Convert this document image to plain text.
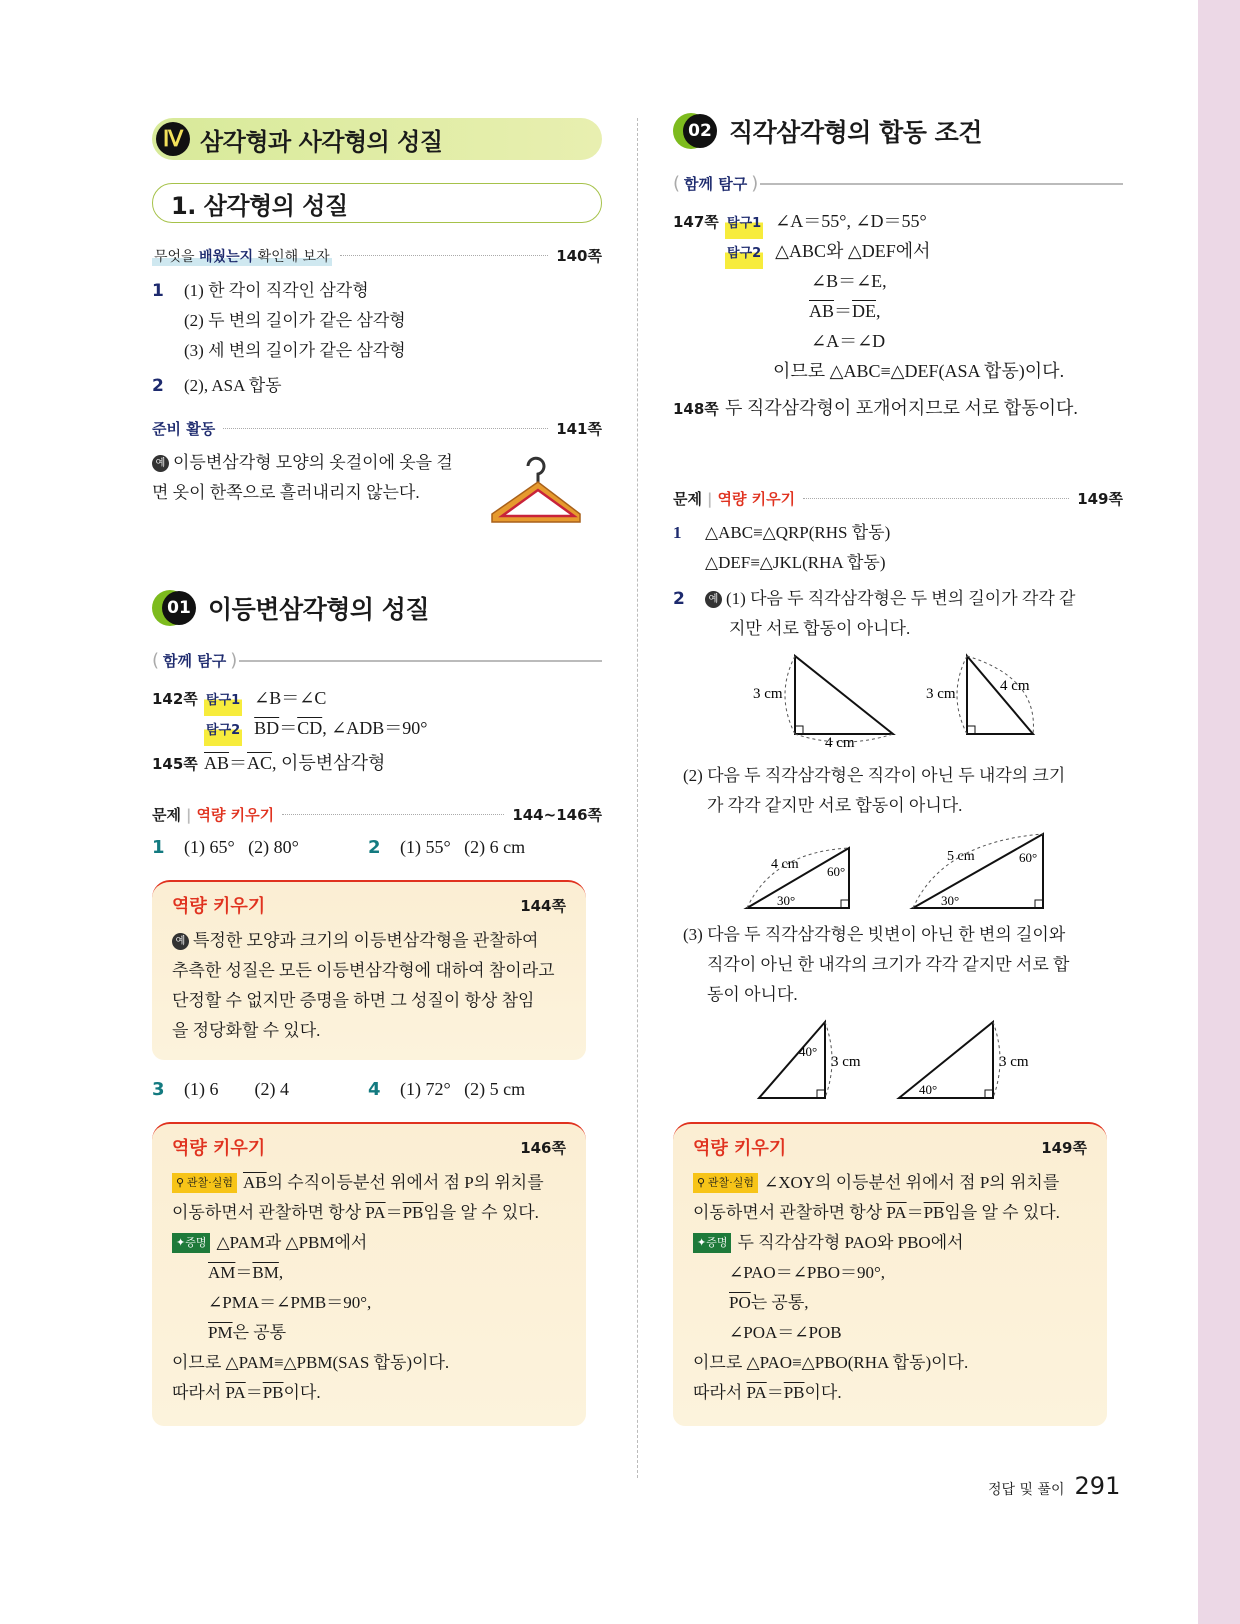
Ⅳ 삼각형과 사각형의 성질
1. 삼각형의 성질
무엇을 배웠는지 확인해 보자	140쪽
1 (1) 한 각이 직각인 삼각형
(2) 두 변의 길이가 같은 삼각형
(3) 세 변의 길이가 같은 삼각형
2 (2), ASA 합동
준비 활동	141쪽
예 이등변삼각형 모양의 옷걸이에 옷을 걸
면 옷이 한쪽으로 흘러내리지 않는다.
01 이등변삼각형의 성질
( 함께 탐구 )
142쪽 탐구1 ∠B＝∠C
탐구2 $\overline{BD}=\overline{CD}$, ∠ADB＝90°
145쪽 $\overline{AB}=\overline{AC}$, 이등변삼각형
문제 | 역량 키우기	144~146쪽
1 (1) 65°   (2) 80°	2 (1) 55°   (2) 6 cm
역량 키우기	144쪽
예 특정한 모양과 크기의 이등변삼각형을 관찰하여
추측한 성질은 모든 이등변삼각형에 대하여 참이라고
단정할 수 없지만 증명을 하면 그 성질이 항상 참임
을 정당화할 수 있다.
3 (1) 6        (2) 4	4 (1) 72°   (2) 5 cm
역량 키우기	146쪽
⚲ 관찰·실험 $\overline{AB}$의 수직이등분선 위에서 점 P의 위치를
이동하면서 관찰하면 항상 $\overline{PA}=\overline{PB}$임을 알 수 있다.
✦증명 △PAM과 △PBM에서
$\overline{AM}=\overline{BM}$,
∠PMA＝∠PMB＝90°,
$\overline{PM}$은 공통
이므로 △PAM≡△PBM(SAS 합동)이다.
따라서 $\overline{PA}=\overline{PB}$이다.
02 직각삼각형의 합동 조건
( 함께 탐구 )
147쪽 탐구1 ∠A＝55°, ∠D＝55°
탐구2 △ABC와 △DEF에서
∠B＝∠E,
$\overline{AB}=\overline{DE}$,
∠A＝∠D
이므로 △ABC≡△DEF(ASA 합동)이다.
148쪽 두 직각삼각형이 포개어지므로 서로 합동이다.
문제 | 역량 키우기	149쪽
1 △ABC≡△QRP(RHS 합동)
△DEF≡△JKL(RHA 합동)
2 예 (1) 다음 두 직각삼각형은 두 변의 길이가 각각 같
지만 서로 합동이 아니다.
3 cm
4 cm
3 cm	4 cm
(2) 다음 두 직각삼각형은 직각이 아닌 두 내각의 크기
가 각각 같지만 서로 합동이 아니다.
4 cm 60°
30°
5 cm	60°
30°
(3) 다음 두 직각삼각형은 빗변이 아닌 한 변의 길이와
직각이 아닌 한 내각의 크기가 각각 같지만 서로 합
동이 아니다.
40°
3 cm
40°
3 cm
역량 키우기	149쪽
⚲ 관찰·실험 ∠XOY의 이등분선 위에서 점 P의 위치를
이동하면서 관찰하면 항상 $\overline{PA}=\overline{PB}$임을 알 수 있다.
✦증명 두 직각삼각형 PAO와 PBO에서
∠PAO＝∠PBO＝90°,
$\overline{PO}$는 공통,
∠POA＝∠POB
이므로 △PAO≡△PBO(RHA 합동)이다.
따라서 $\overline{PA}=\overline{PB}$이다.
정답 및 풀이 291
